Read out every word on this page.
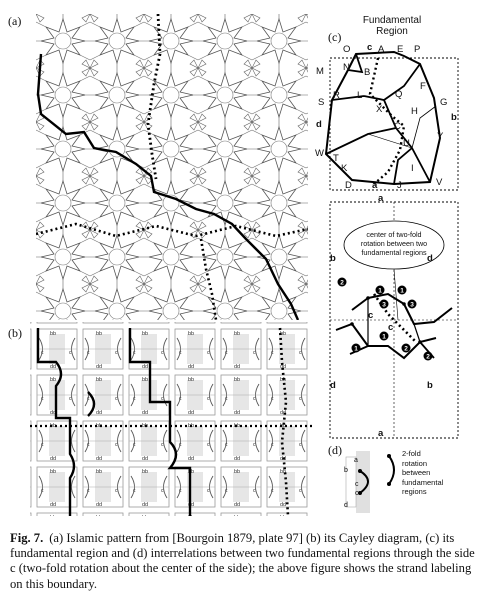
(a)
(b)
(c)
(d)
Fundamental
Region
2
1	1
3
3
1
1	2
2
O c A E P
M N B
S
R L
F
G
Q
b
d
X	H
C
Y
U
W T
K	I
D a J	V
a
b	d
d	b
c
c
a
center of two-fold
rotation between two
fundamental regions
a
b
c
c
d
2-fold
rotation
between
fundamental
regions
Fig. 7. (a) Islamic pattern from [Bourgoin 1879, plate 97] (b) its Cayley diagram, (c) its fundamental region and (d) interrelations between two fundamental regions through the side c (two-fold rotation about the center of the side); the above figure shows the strand labeling on this boundary.
